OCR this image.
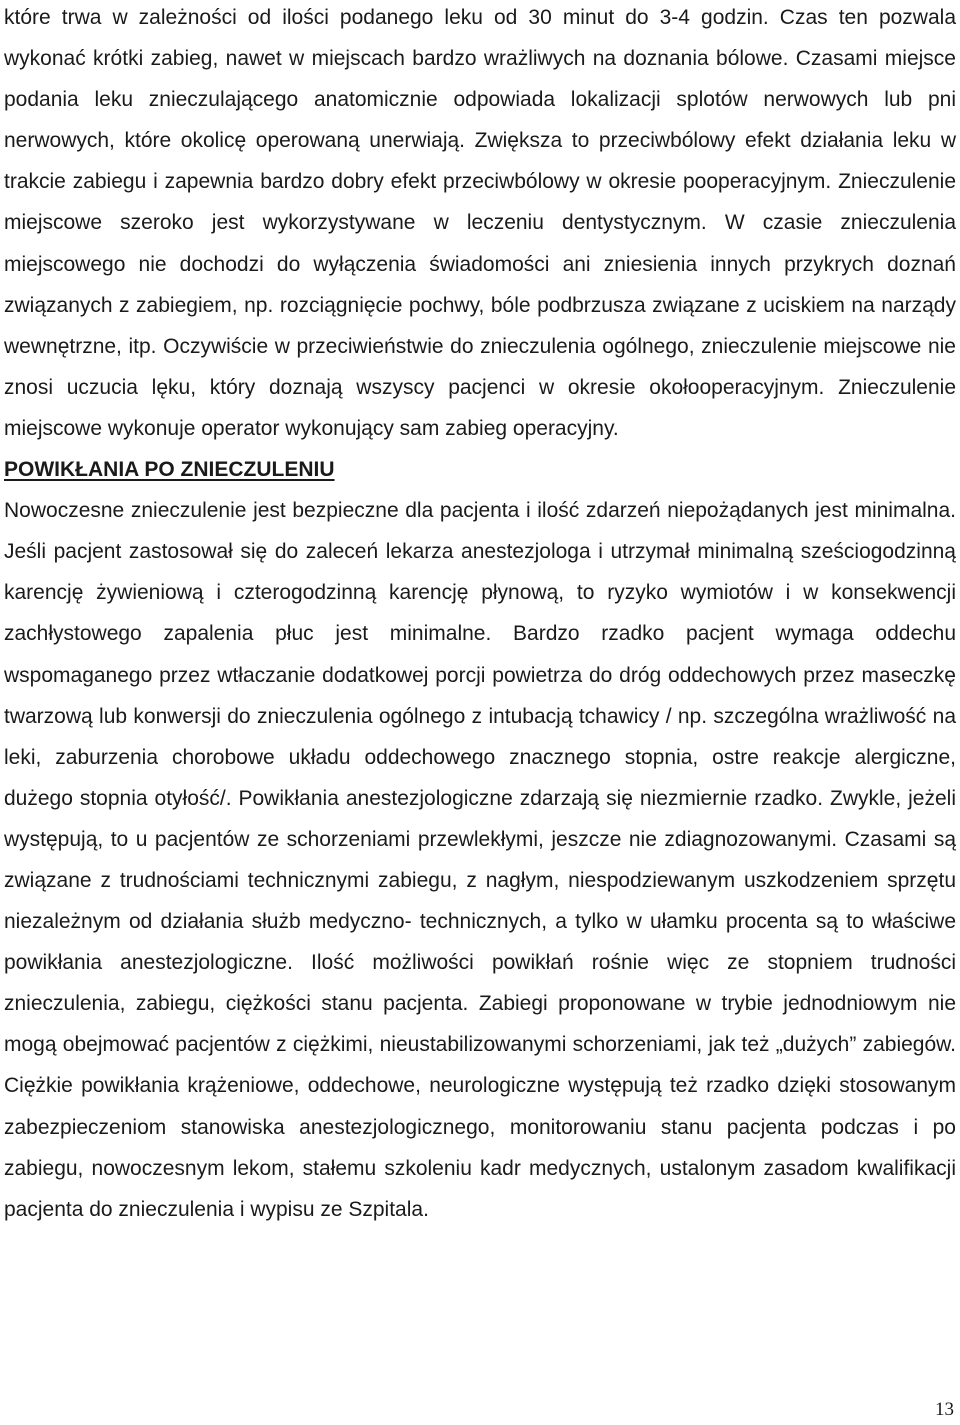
które trwa w zależności od ilości podanego leku od 30 minut do 3-4 godzin. Czas ten pozwala wykonać krótki zabieg, nawet w miejscach bardzo wrażliwych na doznania bólowe. Czasami miejsce podania leku znieczulającego anatomicznie odpowiada lokalizacji splotów nerwowych lub pni nerwowych, które okolicę operowaną unerwiają. Zwiększa to przeciwbólowy efekt działania leku w trakcie zabiegu i zapewnia bardzo dobry efekt przeciwbólowy w okresie pooperacyjnym. Znieczulenie miejscowe szeroko jest wykorzystywane w leczeniu dentystycznym. W czasie znieczulenia miejscowego nie dochodzi do wyłączenia świadomości ani zniesienia innych przykrych doznań związanych z zabiegiem, np. rozciągnięcie pochwy, bóle podbrzusza związane z uciskiem na narządy wewnętrzne, itp. Oczywiście w przeciwieństwie do znieczulenia ogólnego, znieczulenie miejscowe nie znosi uczucia lęku, który doznają wszyscy pacjenci w okresie okołooperacyjnym. Znieczulenie miejscowe wykonuje operator wykonujący sam zabieg operacyjny.

POWIKŁANIA PO ZNIECZULENIU

Nowoczesne znieczulenie jest bezpieczne dla pacjenta i ilość zdarzeń niepożądanych jest minimalna. Jeśli pacjent zastosował się do zaleceń lekarza anestezjologa i utrzymał minimalną sześciogodzinną karencję żywieniową i czterogodzinną karencję płynową, to ryzyko wymiotów i w konsekwencji zachłystowego zapalenia płuc jest minimalne. Bardzo rzadko pacjent wymaga oddechu wspomaganego przez wtłaczanie dodatkowej porcji powietrza do dróg oddechowych przez maseczkę twarzową lub konwersji do znieczulenia ogólnego z intubacją tchawicy / np. szczególna wrażliwość na leki, zaburzenia chorobowe układu oddechowego znacznego stopnia, ostre reakcje alergiczne, dużego stopnia otyłość/. Powikłania anestezjologiczne zdarzają się niezmiernie rzadko. Zwykle, jeżeli występują, to u pacjentów ze schorzeniami przewlekłymi, jeszcze nie zdiagnozowanymi. Czasami są związane z trudnościami technicznymi zabiegu, z nagłym, niespodziewanym uszkodzeniem sprzętu niezależnym od działania służb medyczno- technicznych, a tylko w ułamku procenta są to właściwe powikłania anestezjologiczne. Ilość możliwości powikłań rośnie więc ze stopniem trudności znieczulenia, zabiegu, ciężkości stanu pacjenta. Zabiegi proponowane w trybie jednodniowym nie mogą obejmować pacjentów z ciężkimi, nieustabilizowanymi schorzeniami, jak też „dużych” zabiegów. Ciężkie powikłania krążeniowe, oddechowe, neurologiczne występują też rzadko dzięki stosowanym zabezpieczeniom stanowiska anestezjologicznego, monitorowaniu stanu pacjenta podczas i po zabiegu, nowoczesnym lekom, stałemu szkoleniu kadr medycznych, ustalonym zasadom kwalifikacji pacjenta do znieczulenia i wypisu ze Szpitala.

13
